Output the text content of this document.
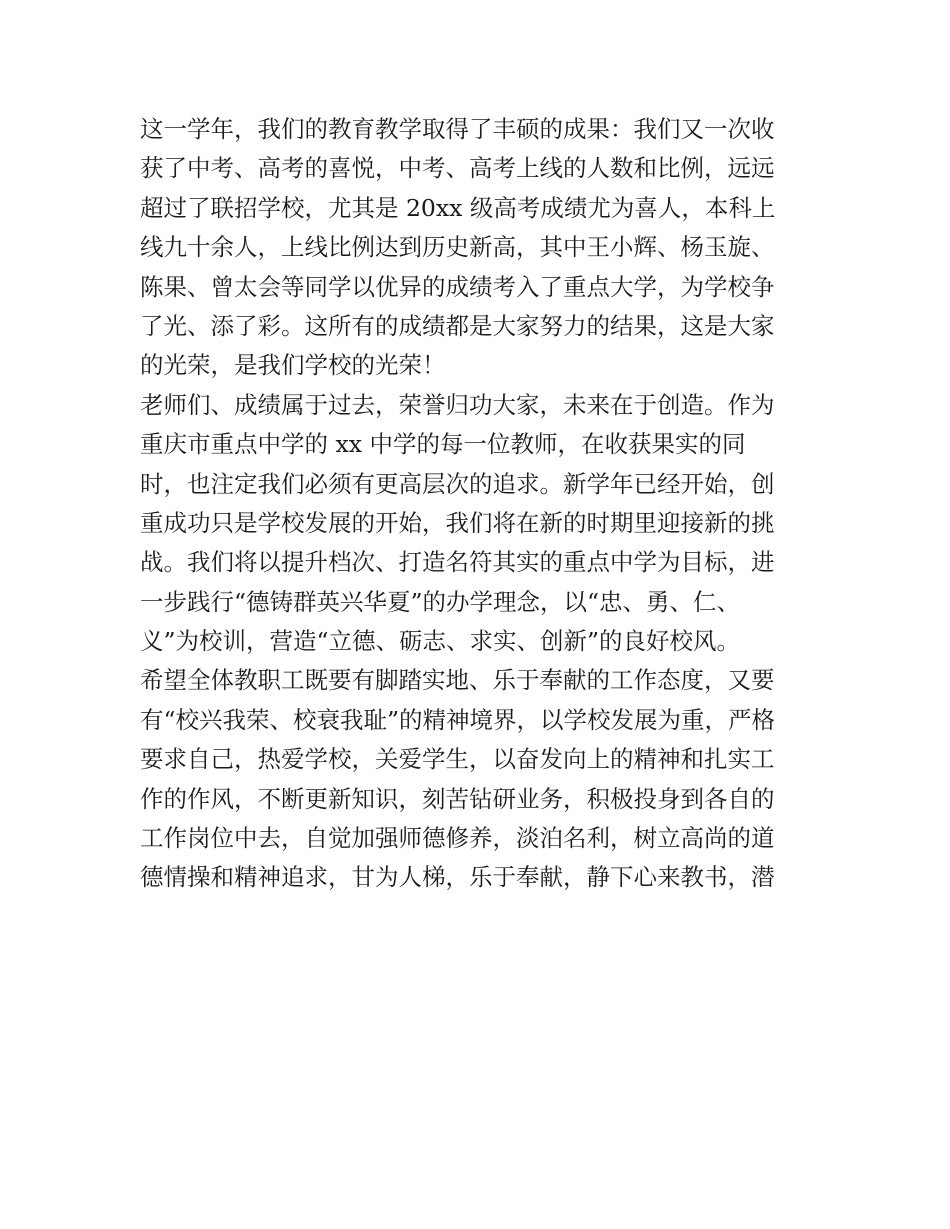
这一学年，我们的教育教学取得了丰硕的成果：我们又一次收
获了中考、高考的喜悦，中考、高考上线的人数和比例，远远
超过了联招学校，尤其是 20xx 级高考成绩尤为喜人，本科上
线九十余人，上线比例达到历史新高，其中王小辉、杨玉旋、
陈果、曾太会等同学以优异的成绩考入了重点大学，为学校争
了光、添了彩。这所有的成绩都是大家努力的结果，这是大家
的光荣，是我们学校的光荣！
老师们、成绩属于过去，荣誉归功大家，未来在于创造。作为
重庆市重点中学的 xx 中学的每一位教师，在收获果实的同
时，也注定我们必须有更高层次的追求。新学年已经开始，创
重成功只是学校发展的开始，我们将在新的时期里迎接新的挑
战。我们将以提升档次、打造名符其实的重点中学为目标，进
一步践行“德铸群英兴华夏”的办学理念，以“忠、勇、仁、
义”为校训，营造“立德、砺志、求实、创新”的良好校风。
希望全体教职工既要有脚踏实地、乐于奉献的工作态度，又要
有“校兴我荣、校衰我耻”的精神境界，以学校发展为重，严格
要求自己，热爱学校，关爱学生，以奋发向上的精神和扎实工
作的作风，不断更新知识，刻苦钻研业务，积极投身到各自的
工作岗位中去，自觉加强师德修养，淡泊名利，树立高尚的道
德情操和精神追求，甘为人梯，乐于奉献，静下心来教书，潜
